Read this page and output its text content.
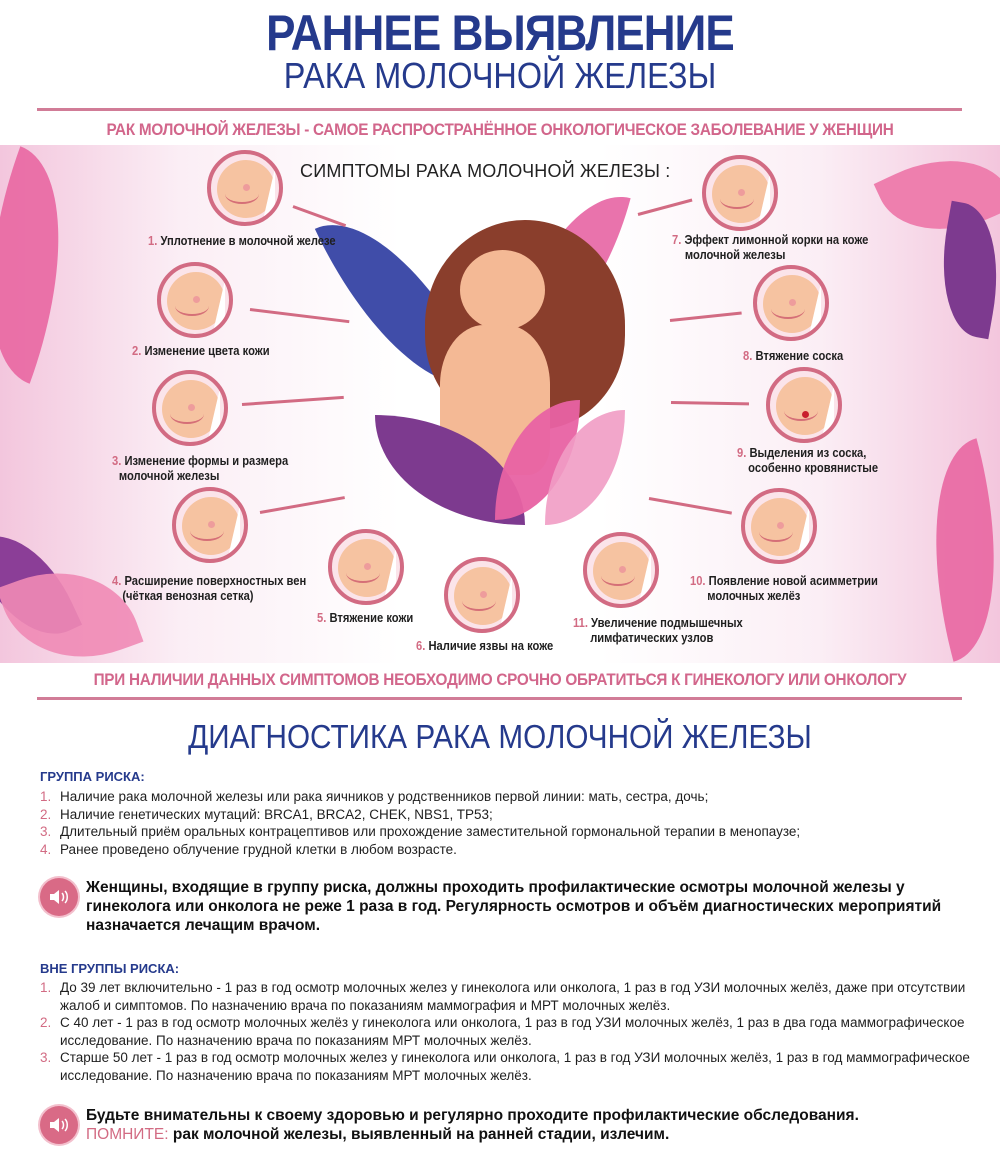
РАННЕЕ ВЫЯВЛЕНИЕ
РАКА МОЛОЧНОЙ ЖЕЛЕЗЫ
РАК МОЛОЧНОЙ ЖЕЛЕЗЫ - САМОЕ РАСПРОСТРАНЁННОЕ ОНКОЛОГИЧЕСКОЕ ЗАБОЛЕВАНИЕ У ЖЕНЩИН
СИМПТОМЫ РАКА МОЛОЧНОЙ ЖЕЛЕЗЫ :
1. Уплотнение в молочной железе
2. Изменение цвета кожи
3. Изменение формы и размера
молочной железы
4. Расширение поверхностных вен
(чёткая венозная сетка)
5. Втяжение кожи
6. Наличие язвы на коже
7. Эффект лимонной корки на коже
молочной железы
8. Втяжение соска
9. Выделения из соска,
особенно кровянистые
10. Появление новой асимметрии
молочных желёз
11. Увеличение подмышечных
лимфатических узлов
ПРИ НАЛИЧИИ ДАННЫХ СИМПТОМОВ НЕОБХОДИМО СРОЧНО ОБРАТИТЬСЯ К ГИНЕКОЛОГУ ИЛИ ОНКОЛОГУ
ДИАГНОСТИКА РАКА МОЛОЧНОЙ ЖЕЛЕЗЫ
ГРУППА РИСКА:
1. Наличие рака молочной железы или рака яичников у родственников первой линии: мать, сестра, дочь;
2. Наличие генетических мутаций: BRCA1, BRCA2, CHEK, NBS1, TP53;
3. Длительный приём оральных контрацептивов или прохождение заместительной гормональной терапии в менопаузе;
4. Ранее проведено облучение грудной клетки в любом возрасте.
Женщины, входящие в группу риска, должны проходить профилактические осмотры молочной железы у гинеколога или онколога не реже 1 раза в год. Регулярность осмотров и объём диагностических мероприятий назначается лечащим врачом.
ВНЕ ГРУППЫ РИСКА:
1. До 39 лет включительно - 1 раз в год осмотр молочных желез у гинеколога или онколога, 1 раз в год УЗИ молочных желёз, даже при отсутствии жалоб и симптомов. По назначению врача по показаниям маммография и МРТ молочных желёз.
2. С 40 лет - 1 раз в год осмотр молочных желёз у гинеколога или онколога, 1 раз в год УЗИ молочных желёз, 1 раз в два года маммографическое исследование. По назначению врача по показаниям МРТ молочных желёз.
3. Старше 50 лет - 1 раз в год осмотр молочных желез у гинеколога или онколога, 1 раз в год УЗИ молочных желёз, 1 раз в год маммографическое исследование. По назначению врача по показаниям МРТ молочных желёз.
Будьте внимательны к своему здоровью и регулярно проходите профилактические обследования.
ПОМНИТЕ: рак молочной железы, выявленный на ранней стадии, излечим.
